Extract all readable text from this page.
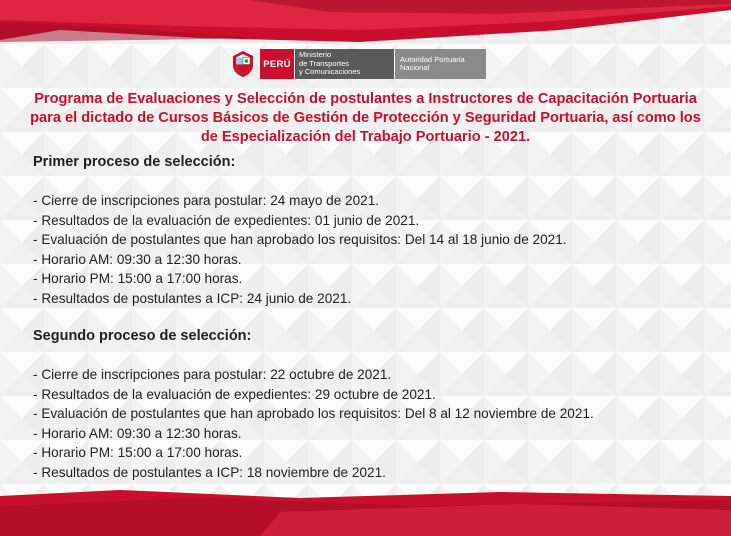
PERÚ
Ministerio
de Transportes
y Comunicaciones
Autoridad Portuaria
Nacional
Programa de Evaluaciones y Selección de postulantes a Instructores de Capacitación Portuaria para el dictado de Cursos Básicos de Gestión de Protección y Seguridad Portuaria, así como los de Especialización del Trabajo Portuario - 2021.

Primer proceso de selección:

- Cierre de inscripciones para postular: 24 mayo de 2021.
- Resultados de la evaluación de expedientes: 01 junio de 2021.
- Evaluación de postulantes que han aprobado los requisitos: Del 14 al 18 junio de 2021.
- Horario AM: 09:30 a 12:30 horas.
- Horario PM: 15:00 a 17:00 horas.
- Resultados de postulantes a ICP: 24 junio de 2021.

Segundo proceso de selección:

- Cierre de inscripciones para postular: 22 octubre de 2021.
- Resultados de la evaluación de expedientes: 29 octubre de 2021.
- Evaluación de postulantes que han aprobado los requisitos: Del 8 al 12 noviembre de 2021.
- Horario AM: 09:30 a 12:30 horas.
- Horario PM: 15:00 a 17:00 horas.
- Resultados de postulantes a ICP: 18 noviembre de 2021.
